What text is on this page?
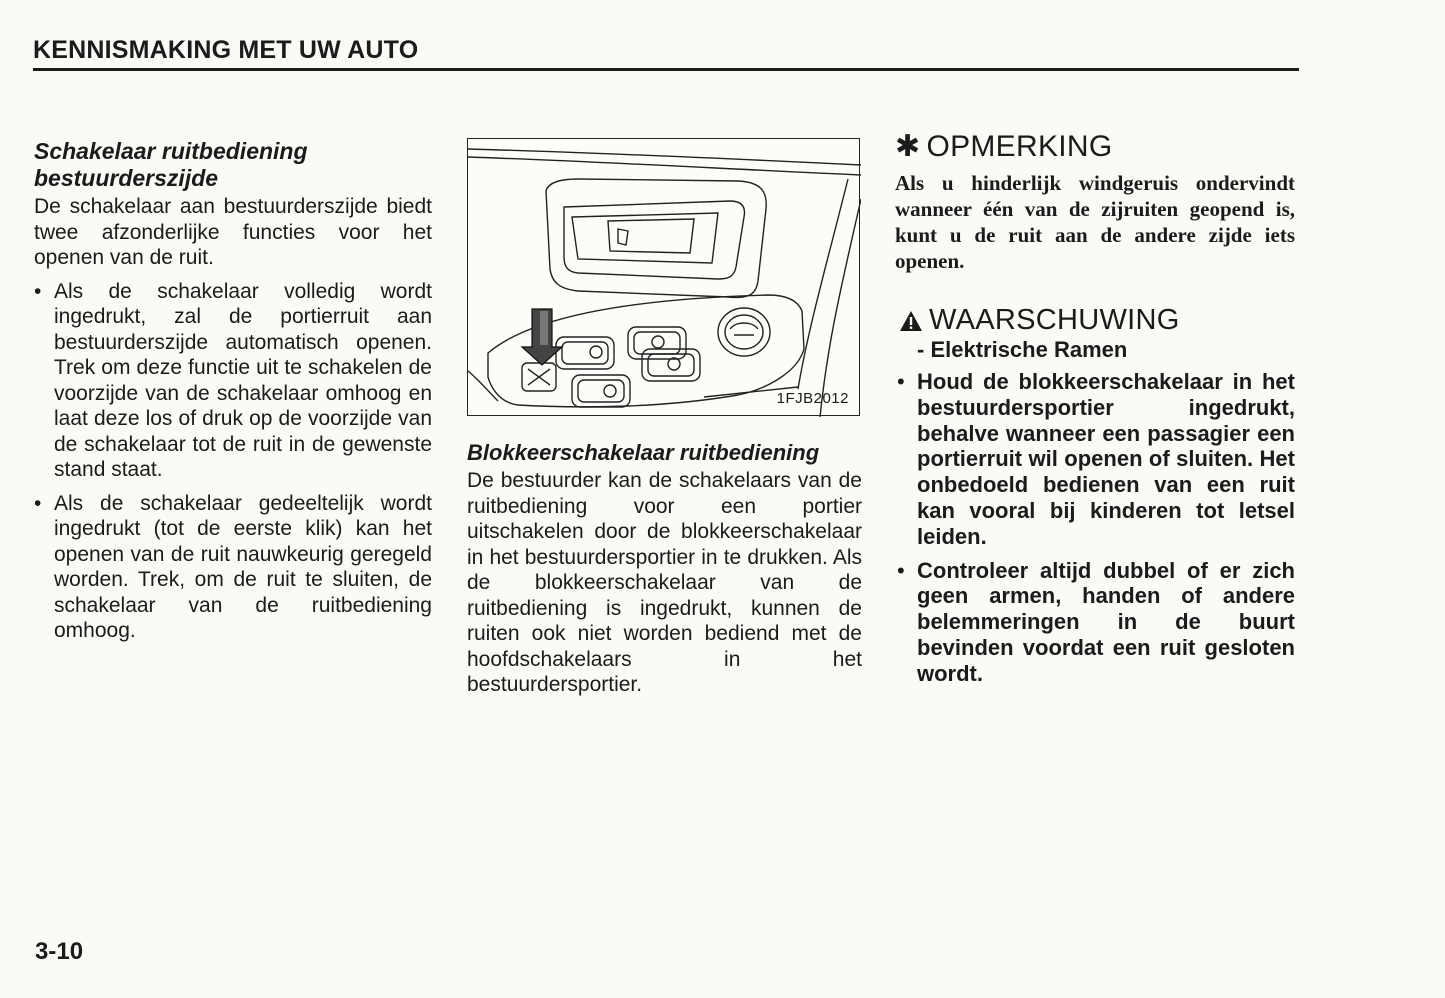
KENNISMAKING MET UW AUTO

Schakelaar ruitbediening bestuurderszijde

De schakelaar aan bestuurderszijde biedt twee afzonderlijke functies voor het openen van de ruit.

• Als de schakelaar volledig wordt ingedrukt, zal de portierruit aan bestuurderszijde automatisch openen. Trek om deze functie uit te schakelen de voorzijde van de schakelaar omhoog en laat deze los of druk op de voorzijde van de schakelaar tot de ruit in de gewenste stand staat.
• Als de schakelaar gedeeltelijk wordt ingedrukt (tot de eerste klik) kan het openen van de ruit nauwkeurig geregeld worden. Trek, om de ruit te sluiten, de schakelaar van de ruitbediening omhoog.
1FJB2012

Blokkeerschakelaar ruitbediening

De bestuurder kan de schakelaars van de ruitbediening voor een portier uitschakelen door de blokkeerschakelaar in het bestuurdersportier in te drukken. Als de blokkeerschakelaar van de ruitbediening is ingedrukt, kunnen de ruiten ook niet worden bediend met de hoofdschakelaars in het bestuurdersportier.

✱ OPMERKING

Als u hinderlijk windgeruis ondervindt wanneer één van de zijruiten geopend is, kunt u de ruit aan de andere zijde iets openen.

WAARSCHUWING
- Elektrische Ramen
• Houd de blokkeerschakelaar in het bestuurdersportier ingedrukt, behalve wanneer een passagier een portierruit wil openen of sluiten. Het onbedoeld bedienen van een ruit kan vooral bij kinderen tot letsel leiden.
• Controleer altijd dubbel of er zich geen armen, handen of andere belemmeringen in de buurt bevinden voordat een ruit gesloten wordt.
3-10
